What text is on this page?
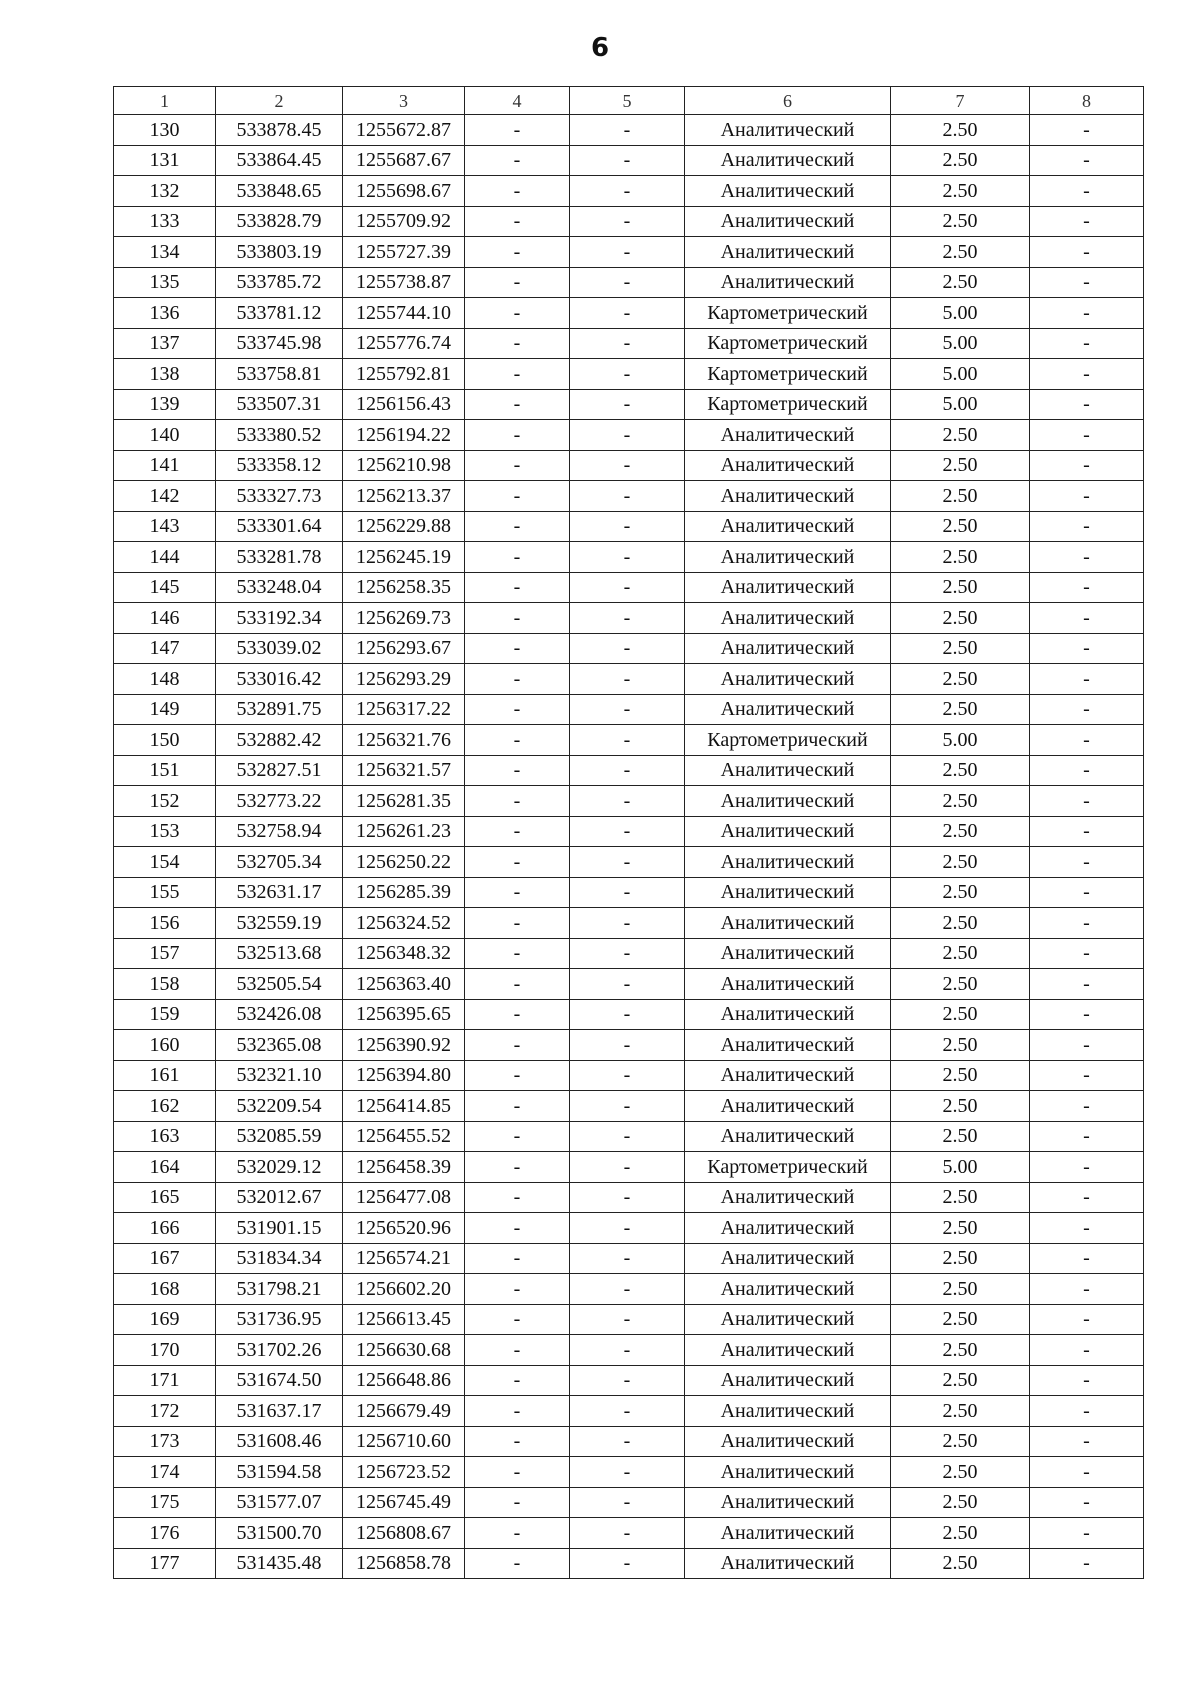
6
1	2	3	4	5	6	7	8
130	533878.45	1255672.87	-	-	Аналитический	2.50	-
131	533864.45	1255687.67	-	-	Аналитический	2.50	-
132	533848.65	1255698.67	-	-	Аналитический	2.50	-
133	533828.79	1255709.92	-	-	Аналитический	2.50	-
134	533803.19	1255727.39	-	-	Аналитический	2.50	-
135	533785.72	1255738.87	-	-	Аналитический	2.50	-
136	533781.12	1255744.10	-	-	Картометрический	5.00	-
137	533745.98	1255776.74	-	-	Картометрический	5.00	-
138	533758.81	1255792.81	-	-	Картометрический	5.00	-
139	533507.31	1256156.43	-	-	Картометрический	5.00	-
140	533380.52	1256194.22	-	-	Аналитический	2.50	-
141	533358.12	1256210.98	-	-	Аналитический	2.50	-
142	533327.73	1256213.37	-	-	Аналитический	2.50	-
143	533301.64	1256229.88	-	-	Аналитический	2.50	-
144	533281.78	1256245.19	-	-	Аналитический	2.50	-
145	533248.04	1256258.35	-	-	Аналитический	2.50	-
146	533192.34	1256269.73	-	-	Аналитический	2.50	-
147	533039.02	1256293.67	-	-	Аналитический	2.50	-
148	533016.42	1256293.29	-	-	Аналитический	2.50	-
149	532891.75	1256317.22	-	-	Аналитический	2.50	-
150	532882.42	1256321.76	-	-	Картометрический	5.00	-
151	532827.51	1256321.57	-	-	Аналитический	2.50	-
152	532773.22	1256281.35	-	-	Аналитический	2.50	-
153	532758.94	1256261.23	-	-	Аналитический	2.50	-
154	532705.34	1256250.22	-	-	Аналитический	2.50	-
155	532631.17	1256285.39	-	-	Аналитический	2.50	-
156	532559.19	1256324.52	-	-	Аналитический	2.50	-
157	532513.68	1256348.32	-	-	Аналитический	2.50	-
158	532505.54	1256363.40	-	-	Аналитический	2.50	-
159	532426.08	1256395.65	-	-	Аналитический	2.50	-
160	532365.08	1256390.92	-	-	Аналитический	2.50	-
161	532321.10	1256394.80	-	-	Аналитический	2.50	-
162	532209.54	1256414.85	-	-	Аналитический	2.50	-
163	532085.59	1256455.52	-	-	Аналитический	2.50	-
164	532029.12	1256458.39	-	-	Картометрический	5.00	-
165	532012.67	1256477.08	-	-	Аналитический	2.50	-
166	531901.15	1256520.96	-	-	Аналитический	2.50	-
167	531834.34	1256574.21	-	-	Аналитический	2.50	-
168	531798.21	1256602.20	-	-	Аналитический	2.50	-
169	531736.95	1256613.45	-	-	Аналитический	2.50	-
170	531702.26	1256630.68	-	-	Аналитический	2.50	-
171	531674.50	1256648.86	-	-	Аналитический	2.50	-
172	531637.17	1256679.49	-	-	Аналитический	2.50	-
173	531608.46	1256710.60	-	-	Аналитический	2.50	-
174	531594.58	1256723.52	-	-	Аналитический	2.50	-
175	531577.07	1256745.49	-	-	Аналитический	2.50	-
176	531500.70	1256808.67	-	-	Аналитический	2.50	-
177	531435.48	1256858.78	-	-	Аналитический	2.50	-
